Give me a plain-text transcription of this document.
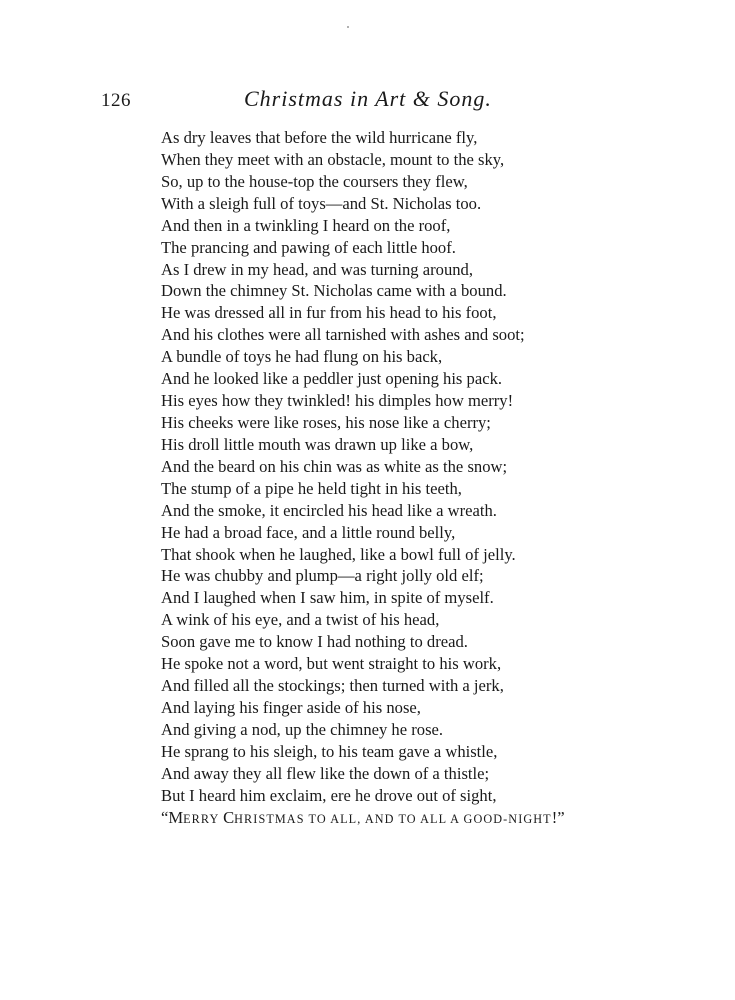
126	Christmas in Art & Song.
As dry leaves that before the wild hurricane fly,
When they meet with an obstacle, mount to the sky,
So, up to the house-top the coursers they flew,
With a sleigh full of toys—and St. Nicholas too.
And then in a twinkling I heard on the roof,
The prancing and pawing of each little hoof.
As I drew in my head, and was turning around,
Down the chimney St. Nicholas came with a bound.
He was dressed all in fur from his head to his foot,
And his clothes were all tarnished with ashes and soot;
A bundle of toys he had flung on his back,
And he looked like a peddler just opening his pack.
His eyes how they twinkled! his dimples how merry!
His cheeks were like roses, his nose like a cherry;
His droll little mouth was drawn up like a bow,
And the beard on his chin was as white as the snow;
The stump of a pipe he held tight in his teeth,
And the smoke, it encircled his head like a wreath.
He had a broad face, and a little round belly,
That shook when he laughed, like a bowl full of jelly.
He was chubby and plump—a right jolly old elf;
And I laughed when I saw him, in spite of myself.
A wink of his eye, and a twist of his head,
Soon gave me to know I had nothing to dread.
He spoke not a word, but went straight to his work,
And filled all the stockings; then turned with a jerk,
And laying his finger aside of his nose,
And giving a nod, up the chimney he rose.
He sprang to his sleigh, to his team gave a whistle,
And away they all flew like the down of a thistle;
But I heard him exclaim, ere he drove out of sight,
“MERRY CHRISTMAS TO ALL, AND TO ALL A GOOD-NIGHT!”
